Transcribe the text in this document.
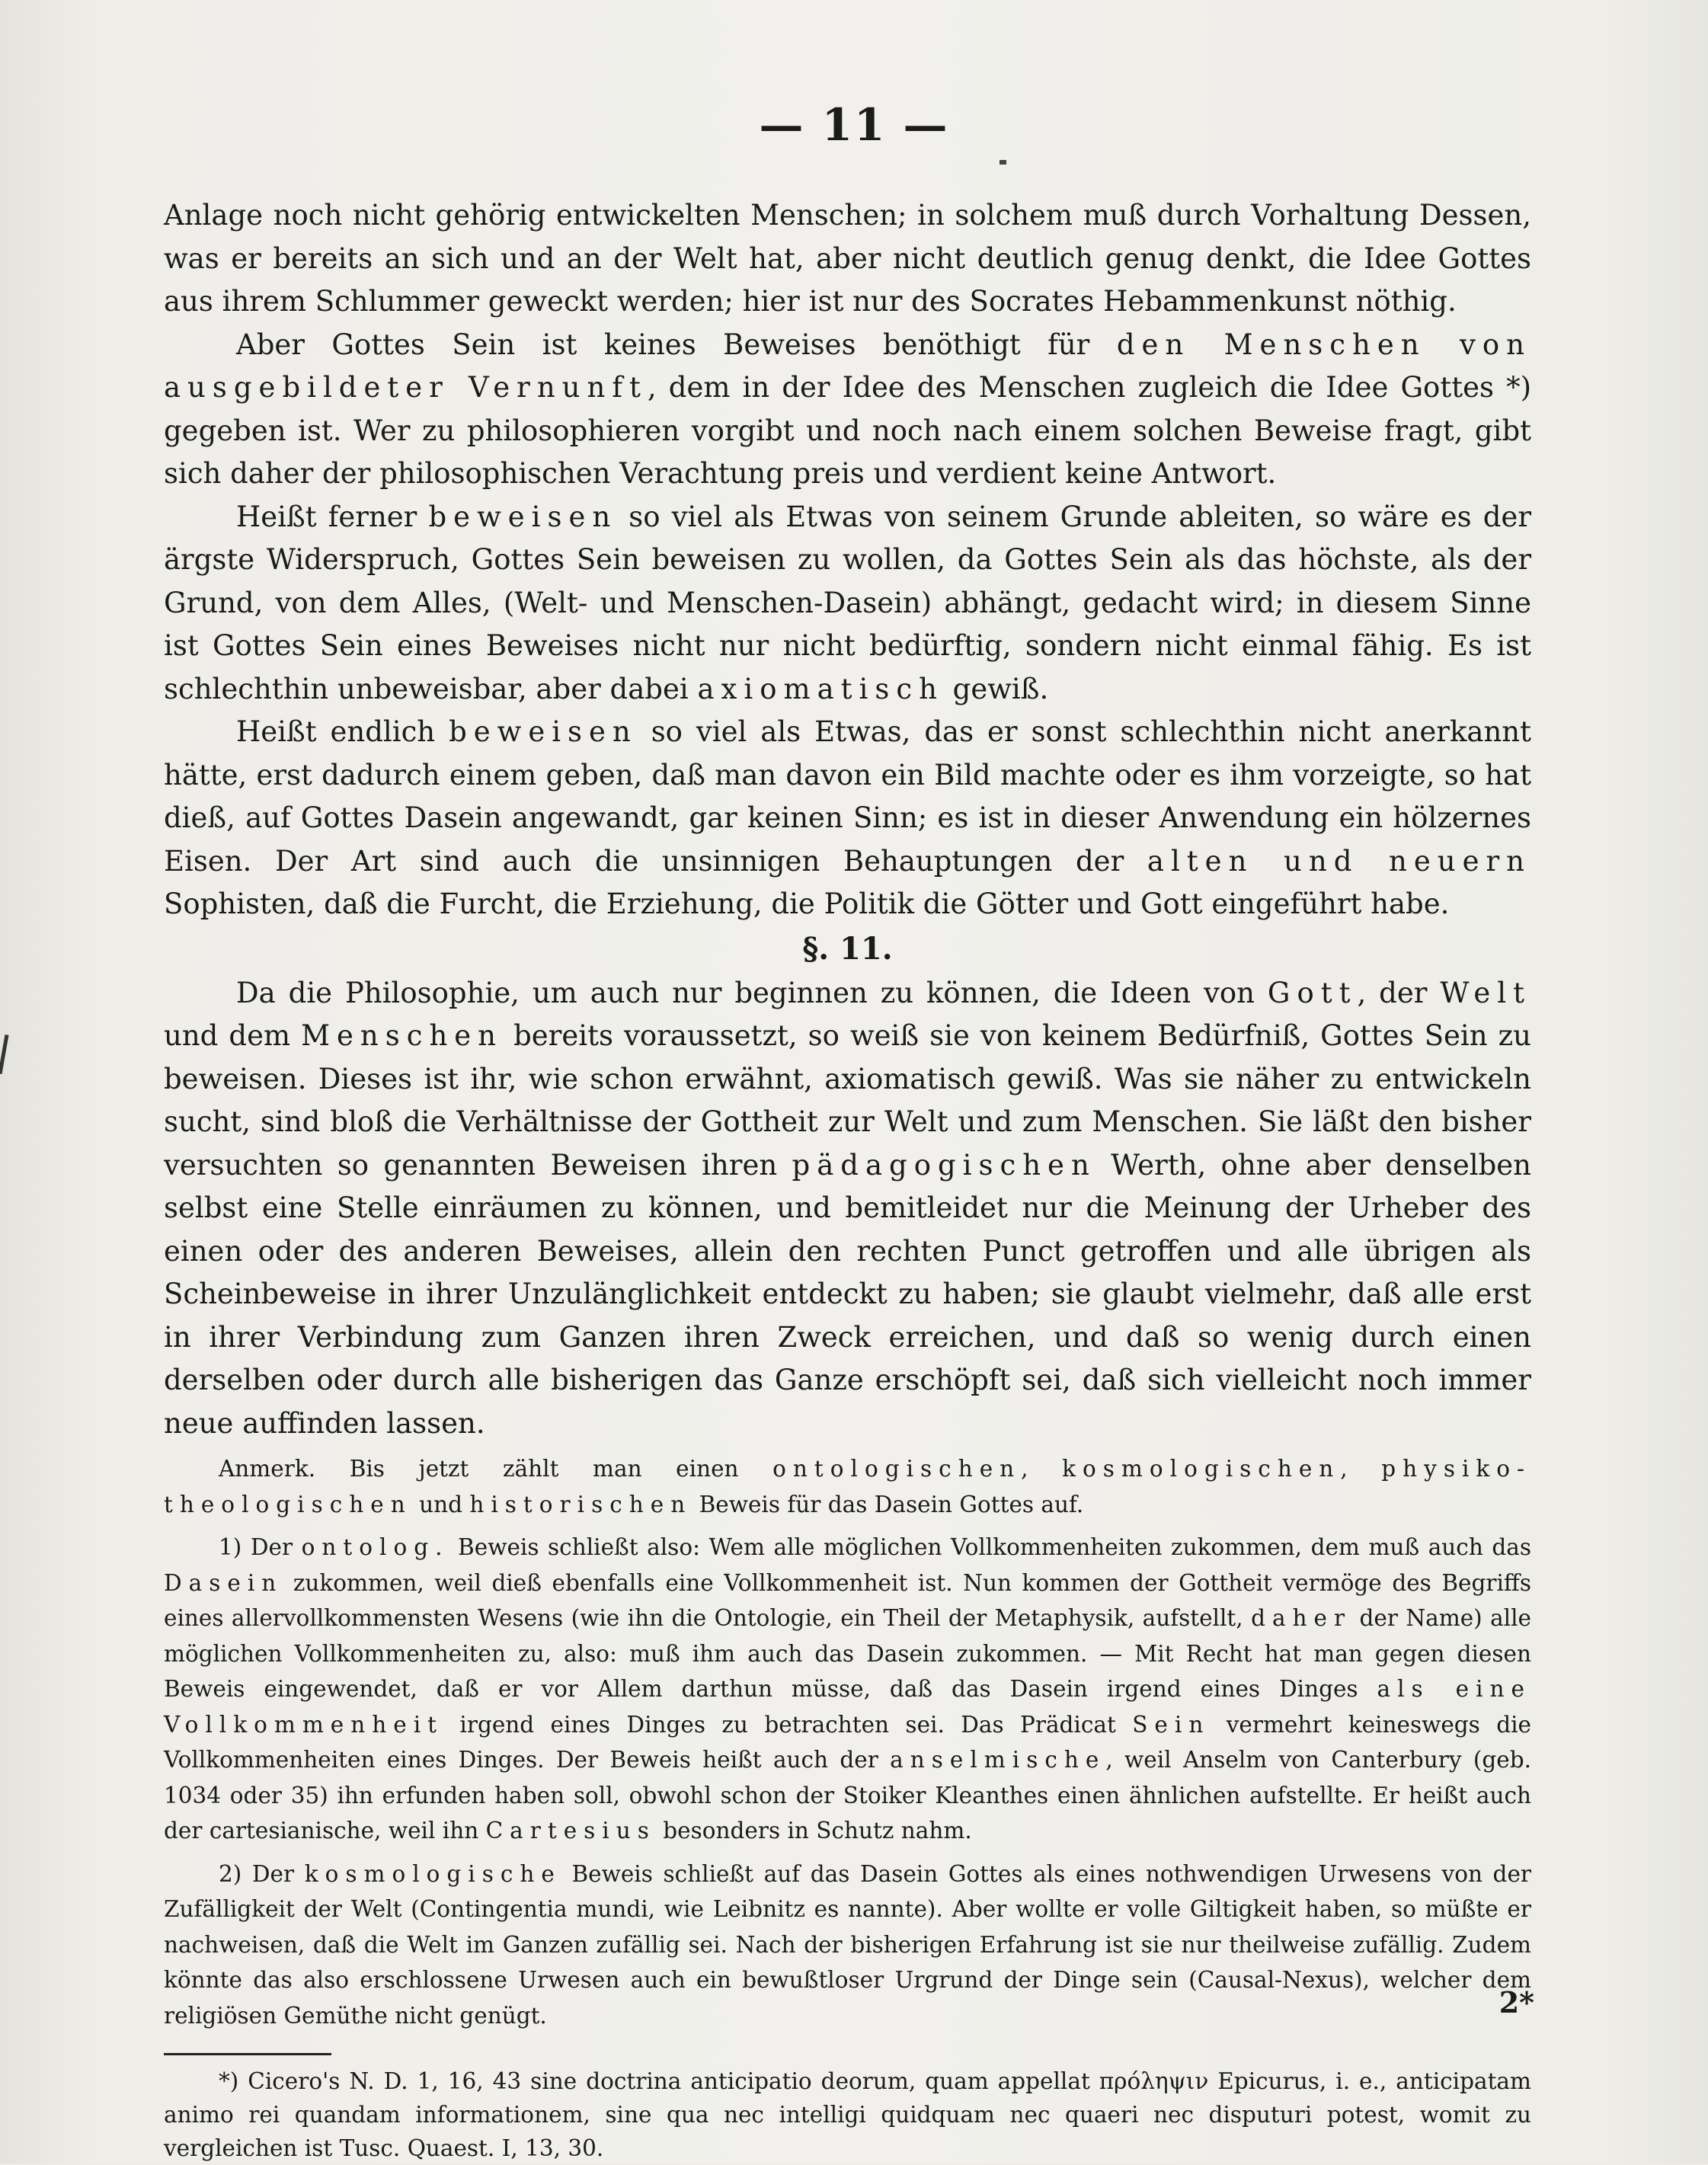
— 11 —

Anlage noch nicht gehörig entwickelten Menschen; in solchem muß durch Vorhaltung Dessen, was er bereits an sich und an der Welt hat, aber nicht deutlich genug denkt, die Idee Gottes aus ihrem Schlummer geweckt werden; hier ist nur des Socrates Hebammenkunst nöthig.

Aber Gottes Sein ist keines Beweises benöthigt für den Menschen von ausgebildeter Vernunft, dem in der Idee des Menschen zugleich die Idee Gottes *) gegeben ist. Wer zu philosophieren vorgibt und noch nach einem solchen Beweise fragt, gibt sich daher der philosophischen Verachtung preis und verdient keine Antwort.

Heißt ferner beweisen so viel als Etwas von seinem Grunde ableiten, so wäre es der ärgste Widerspruch, Gottes Sein beweisen zu wollen, da Gottes Sein als das höchste, als der Grund, von dem Alles, (Welt- und Menschen-Dasein) abhängt, gedacht wird; in diesem Sinne ist Gottes Sein eines Beweises nicht nur nicht bedürftig, sondern nicht einmal fähig. Es ist schlechthin unbeweisbar, aber dabei axiomatisch gewiß.

Heißt endlich beweisen so viel als Etwas, das er sonst schlechthin nicht anerkannt hätte, erst dadurch einem geben, daß man davon ein Bild machte oder es ihm vorzeigte, so hat dieß, auf Gottes Dasein angewandt, gar keinen Sinn; es ist in dieser Anwendung ein hölzernes Eisen. Der Art sind auch die unsinnigen Behauptungen der alten und neuern Sophisten, daß die Furcht, die Erziehung, die Politik die Götter und Gott eingeführt habe.

§. 11.

Da die Philosophie, um auch nur beginnen zu können, die Ideen von Gott, der Welt und dem Menschen bereits voraussetzt, so weiß sie von keinem Bedürfniß, Gottes Sein zu beweisen. Dieses ist ihr, wie schon erwähnt, axiomatisch gewiß. Was sie näher zu entwickeln sucht, sind bloß die Verhältnisse der Gottheit zur Welt und zum Menschen. Sie läßt den bisher versuchten so genannten Beweisen ihren pädagogischen Werth, ohne aber denselben selbst eine Stelle einräumen zu können, und bemitleidet nur die Meinung der Urheber des einen oder des anderen Beweises, allein den rechten Punct getroffen und alle übrigen als Scheinbeweise in ihrer Unzulänglichkeit entdeckt zu haben; sie glaubt vielmehr, daß alle erst in ihrer Verbindung zum Ganzen ihren Zweck erreichen, und daß so wenig durch einen derselben oder durch alle bisherigen das Ganze erschöpft sei, daß sich vielleicht noch immer neue auffinden lassen.

Anmerk. Bis jetzt zählt man einen ontologischen, kosmologischen, physiko-theologischen und historischen Beweis für das Dasein Gottes auf.

1) Der ontolog. Beweis schließt also: Wem alle möglichen Vollkommenheiten zukommen, dem muß auch das Dasein zukommen, weil dieß ebenfalls eine Vollkommenheit ist. Nun kommen der Gottheit vermöge des Begriffs eines allervollkommensten Wesens (wie ihn die Ontologie, ein Theil der Metaphysik, aufstellt, daher der Name) alle möglichen Vollkommenheiten zu, also: muß ihm auch das Dasein zukommen. — Mit Recht hat man gegen diesen Beweis eingewendet, daß er vor Allem darthun müsse, daß das Dasein irgend eines Dinges als eine Vollkommenheit irgend eines Dinges zu betrachten sei. Das Prädicat Sein vermehrt keineswegs die Vollkommenheiten eines Dinges. Der Beweis heißt auch der anselmische, weil Anselm von Canterbury (geb. 1034 oder 35) ihn erfunden haben soll, obwohl schon der Stoiker Kleanthes einen ähnlichen aufstellte. Er heißt auch der cartesianische, weil ihn Cartesius besonders in Schutz nahm.

2) Der kosmologische Beweis schließt auf das Dasein Gottes als eines nothwendigen Urwesens von der Zufälligkeit der Welt (Contingentia mundi, wie Leibnitz es nannte). Aber wollte er volle Giltigkeit haben, so müßte er nachweisen, daß die Welt im Ganzen zufällig sei. Nach der bisherigen Erfahrung ist sie nur theilweise zufällig. Zudem könnte das also erschlossene Urwesen auch ein bewußtloser Urgrund der Dinge sein (Causal-Nexus), welcher dem religiösen Gemüthe nicht genügt.

*) Cicero's N. D. 1, 16, 43 sine doctrina anticipatio deorum, quam appellat πρόληψιν Epicurus, i. e., anticipatam animo rei quandam informationem, sine qua nec intelligi quidquam nec quaeri nec disputuri potest, womit zu vergleichen ist Tusc. Quaest. I, 13, 30.

2*
